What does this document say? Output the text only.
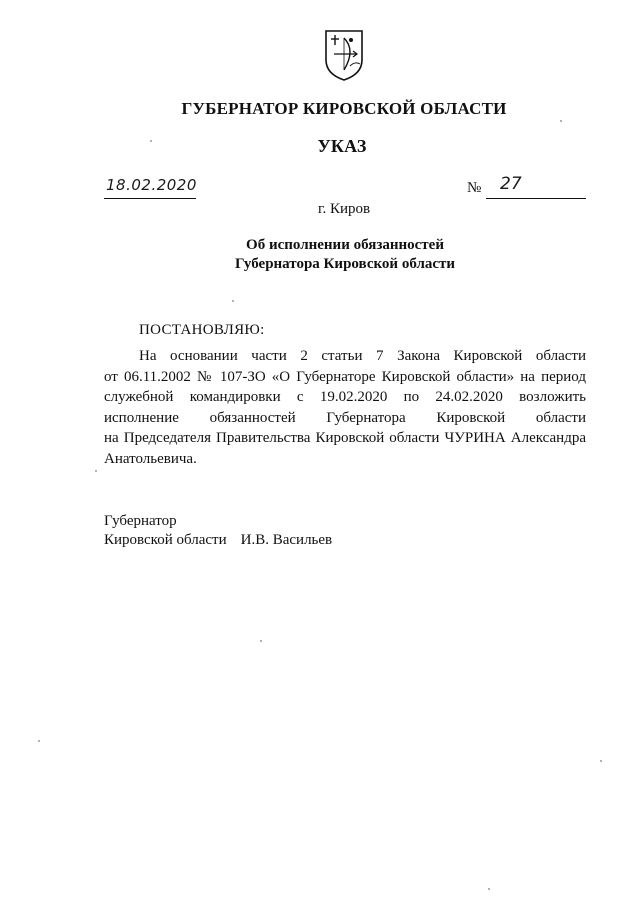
ГУБЕРНАТОР КИРОВСКОЙ ОБЛАСТИ
УКАЗ
18.02.2020	№ 27
г. Киров
Об исполнении обязанностей
Губернатора Кировской области
ПОСТАНОВЛЯЮ:
На основании части 2 статьи 7 Закона Кировской области
от 06.11.2002 № 107-ЗО «О Губернаторе Кировской области» на период
служебной командировки с 19.02.2020 по 24.02.2020 возложить
исполнение обязанностей Губернатора Кировской области
на Председателя Правительства Кировской области ЧУРИНА Александра
Анатольевича.
Губернатор
Кировской области И.В. Васильев
